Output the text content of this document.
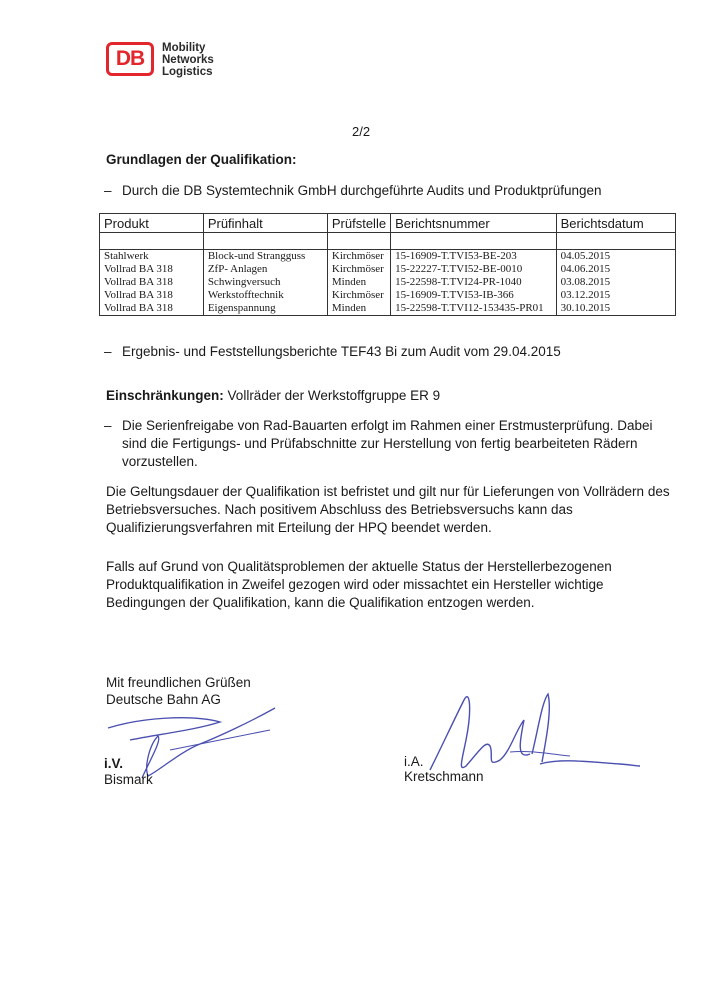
DB	Mobility
Networks
Logistics
2/2
Grundlagen der Qualifikation:
– Durch die DB Systemtechnik GmbH durchgeführte Audits und Produktprüfungen
Produkt	Prüfinhalt	Prüfstelle	Berichtsnummer	Berichtsdatum

Stahlwerk	Block-und Strangguss	Kirchmöser	15-16909-T.TVI53-BE-203	04.05.2015
Vollrad BA 318	ZfP- Anlagen	Kirchmöser	15-22227-T.TVI52-BE-0010	04.06.2015
Vollrad BA 318	Schwingversuch	Minden	15-22598-T.TVI24-PR-1040	03.08.2015
Vollrad BA 318	Werkstofftechnik	Kirchmöser	15-16909-T.TVI53-IB-366	03.12.2015
Vollrad BA 318	Eigenspannung	Minden	15-22598-T.TVI12-153435-PR01	30.10.2015
– Ergebnis- und Feststellungsberichte TEF43 Bi zum Audit vom 29.04.2015
Einschränkungen: Vollräder der Werkstoffgruppe ER 9
– Die Serienfreigabe von Rad-Bauarten erfolgt im Rahmen einer Erstmusterprüfung. Dabei sind die Fertigungs- und Prüfabschnitte zur Herstellung von fertig bearbeiteten Rädern vorzustellen.
Die Geltungsdauer der Qualifikation ist befristet und gilt nur für Lieferungen von Vollrädern des Betriebsversuches. Nach positivem Abschluss des Betriebsversuchs kann das Qualifizierungsverfahren mit Erteilung der HPQ beendet werden.
Falls auf Grund von Qualitätsproblemen der aktuelle Status der Herstellerbezogenen Produktqualifikation in Zweifel gezogen wird oder missachtet ein Hersteller wichtige Bedingungen der Qualifikation, kann die Qualifikation entzogen werden.
Mit freundlichen Grüßen
Deutsche Bahn AG
i.V.
Bismark
i.A.
Kretschmann
